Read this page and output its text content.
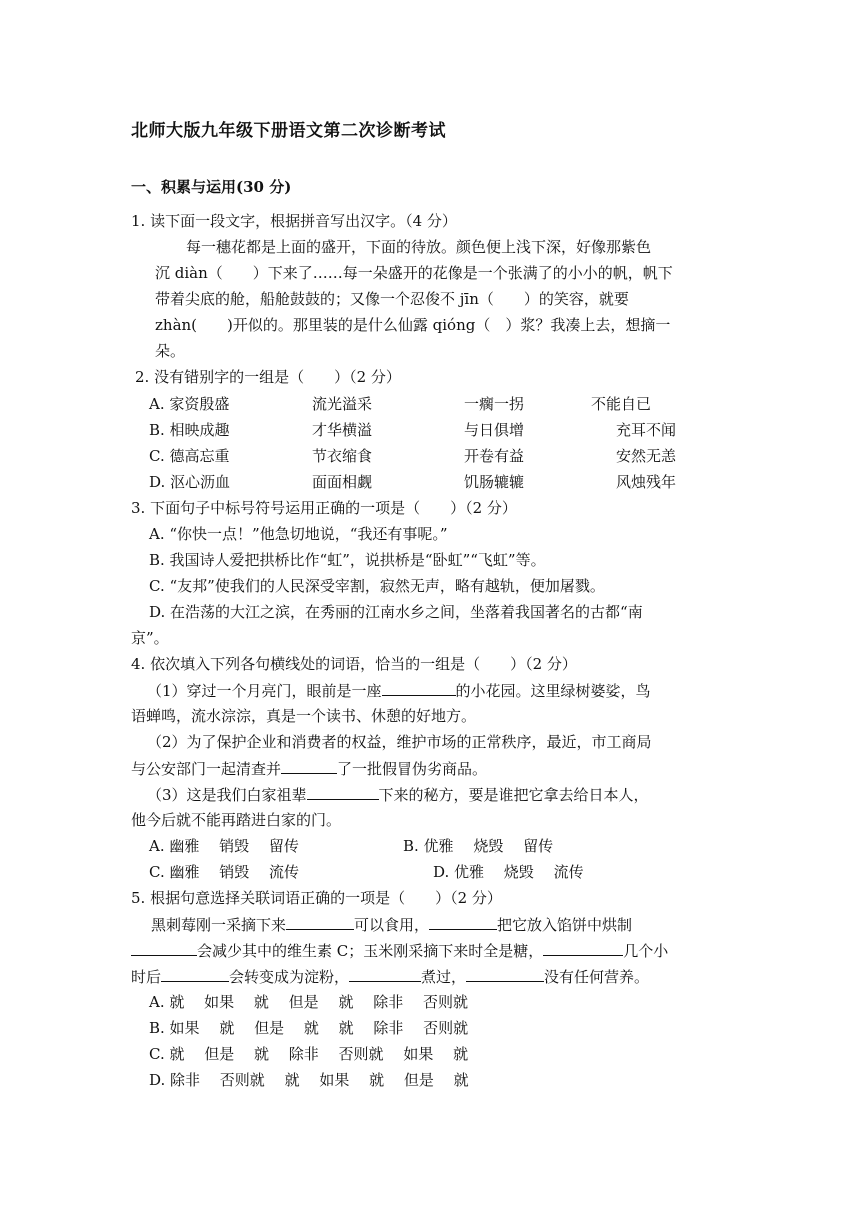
北师大版九年级下册语文第二次诊断考试
一、积累与运用(30 分)
1. 读下面一段文字，根据拼音写出汉字。（4 分）
每一穗花都是上面的盛开，下面的待放。颜色便上浅下深，好像那紫色
沉 diàn（　　）下来了……每一朵盛开的花像是一个张满了的小小的帆，帆下
带着尖底的舱，船舱鼓鼓的；又像一个忍俊不 jīn（　　）的笑容，就要
zhàn(　　)开似的。那里装的是什么仙露 qióng（　）浆？我凑上去，想摘一
朵。
2. 没有错别字的一组是（　　）（2 分）
A. 家资殷盛	流光溢采	一瘸一拐	不能自已
B. 相映成趣	才华横溢	与日俱增	充耳不闻
C. 德高忘重	节衣缩食	开卷有益	安然无恙
D. 沤心沥血	面面相觑	饥肠辘辘	风烛残年
3. 下面句子中标号符号运用正确的一项是（　　）（2 分）
A. “你快一点！”他急切地说，“我还有事呢。”
B. 我国诗人爱把拱桥比作“虹”，说拱桥是“卧虹”“飞虹”等。
C. “友邦”使我们的人民深受宰割，寂然无声，略有越轨，便加屠戮。
D. 在浩荡的大江之滨，在秀丽的江南水乡之间，坐落着我国著名的古都“南
京”。
4. 依次填入下列各句横线处的词语，恰当的一组是（　　）（2 分）
（1）穿过一个月亮门，眼前是一座	的小花园。这里绿树婆娑，鸟
语蝉鸣，流水淙淙，真是一个读书、休憩的好地方。
（2）为了保护企业和消费者的权益，维护市场的正常秩序，最近，市工商局
与公安部门一起清查并	了一批假冒伪劣商品。
（3）这是我们白家祖辈	下来的秘方，要是谁把它拿去给日本人，
他今后就不能再踏进白家的门。
A. 幽雅　 销毁　 留传	B. 优雅　 烧毁　 留传
C. 幽雅　 销毁　 流传	D. 优雅　 烧毁　 流传
5. 根据句意选择关联词语正确的一项是（　　）（2 分）
黑刺莓刚一采摘下来	可以食用，	把它放入馅饼中烘制
会减少其中的维生素 C；玉米刚采摘下来时全是糖，	几个小
时后	会转变成为淀粉，	煮过，	没有任何营养。
A. 就　 如果　 就　 但是　 就　 除非　 否则就
B. 如果　 就　 但是　 就　 就　 除非　 否则就
C. 就　 但是　 就　 除非　 否则就　 如果　 就
D. 除非　 否则就　 就　 如果　 就　 但是　 就
